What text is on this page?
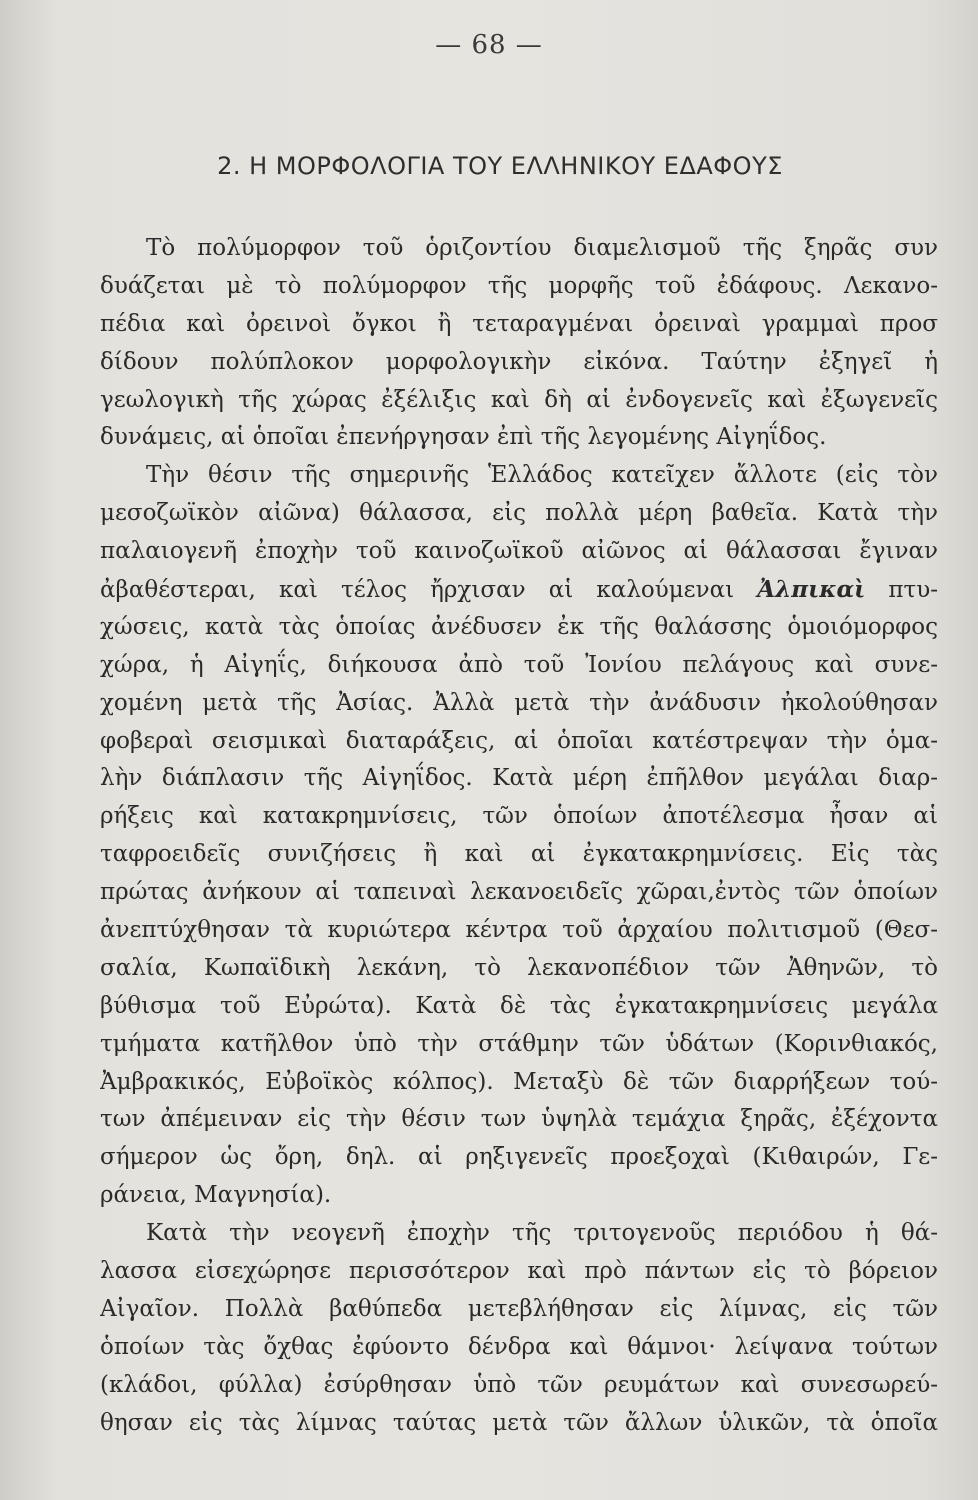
— 68 —
2. Η ΜΟΡΦΟΛΟΓΙΑ ΤΟΥ ΕΛΛΗΝΙΚΟΥ ΕΔΑΦΟΥΣ
Τὸ πολύμορφον τοῦ ὁριζοντίου διαμελισμοῦ τῆς ξηρᾶς συν
δυάζεται μὲ τὸ πολύμορφον τῆς μορφῆς τοῦ ἐδάφους. Λεκανο-
πέδια καὶ ὀρεινοὶ ὄγκοι ἢ τεταραγμέναι ὀρειναὶ γραμμαὶ προσ
δίδουν πολύπλοκον μορφολογικὴν εἰκόνα. Ταύτην ἐξηγεῖ ἡ
γεωλογικὴ τῆς χώρας ἐξέλιξις καὶ δὴ αἱ ἐνδογενεῖς καὶ ἐξωγενεῖς
δυνάμεις, αἱ ὁποῖαι ἐπενήργησαν ἐπὶ τῆς λεγομένης Αἰγηΐδος.
Τὴν θέσιν τῆς σημερινῆς Ἑλλάδος κατεῖχεν ἄλλοτε (εἰς τὸν
μεσοζωϊκὸν αἰῶνα) θάλασσα, εἰς πολλὰ μέρη βαθεῖα. Κατὰ τὴν
παλαιογενῆ ἐποχὴν τοῦ καινοζωϊκοῦ αἰῶνος αἱ θάλασσαι ἔγιναν
ἀβαθέστεραι, καὶ τέλος ἤρχισαν αἱ καλούμεναι Ἀλπικαὶ πτυ-
χώσεις, κατὰ τὰς ὁποίας ἀνέδυσεν ἐκ τῆς θαλάσσης ὁμοιόμορφος
χώρα, ἡ Αἰγηΐς, διήκουσα ἀπὸ τοῦ Ἰονίου πελάγους καὶ συνε-
χομένη μετὰ τῆς Ἀσίας. Ἀλλὰ μετὰ τὴν ἀνάδυσιν ἠκολούθησαν
φοβεραὶ σεισμικαὶ διαταράξεις, αἱ ὁποῖαι κατέστρεψαν τὴν ὁμα-
λὴν διάπλασιν τῆς Αἰγηΐδος. Κατὰ μέρη ἐπῆλθον μεγάλαι διαρ-
ρήξεις καὶ κατακρημνίσεις, τῶν ὁποίων ἀποτέλεσμα ἦσαν αἱ
ταφροειδεῖς συνιζήσεις ἢ καὶ αἱ ἐγκατακρημνίσεις. Εἰς τὰς
πρώτας ἀνήκουν αἱ ταπειναὶ λεκανοειδεῖς χῶραι,ἐντὸς τῶν ὁποίων
ἀνεπτύχθησαν τὰ κυριώτερα κέντρα τοῦ ἀρχαίου πολιτισμοῦ (Θεσ-
σαλία, Κωπαϊδικὴ λεκάνη, τὸ λεκανοπέδιον τῶν Ἀθηνῶν, τὸ
βύθισμα τοῦ Εὐρώτα). Κατὰ δὲ τὰς ἐγκατακρημνίσεις μεγάλα
τμήματα κατῆλθον ὑπὸ τὴν στάθμην τῶν ὑδάτων (Κορινθιακός,
Ἀμβρακικός, Εὐβοϊκὸς κόλπος). Μεταξὺ δὲ τῶν διαρρήξεων τού-
των ἀπέμειναν εἰς τὴν θέσιν των ὑψηλὰ τεμάχια ξηρᾶς, ἐξέχοντα
σήμερον ὡς ὄρη, δηλ. αἱ ρηξιγενεῖς προεξοχαὶ (Κιθαιρών, Γε-
ράνεια, Μαγνησία).
Κατὰ τὴν νεογενῆ ἐποχὴν τῆς τριτογενοῦς περιόδου ἡ θά-
λασσα εἰσεχώρησε περισσότερον καὶ πρὸ πάντων εἰς τὸ βόρειον
Αἰγαῖον. Πολλὰ βαθύπεδα μετεβλήθησαν εἰς λίμνας, εἰς τῶν
ὁποίων τὰς ὄχθας ἐφύοντο δένδρα καὶ θάμνοι· λείψανα τούτων
(κλάδοι, φύλλα) ἐσύρθησαν ὑπὸ τῶν ρευμάτων καὶ συνεσωρεύ-
θησαν εἰς τὰς λίμνας ταύτας μετὰ τῶν ἄλλων ὑλικῶν, τὰ ὁποῖα
